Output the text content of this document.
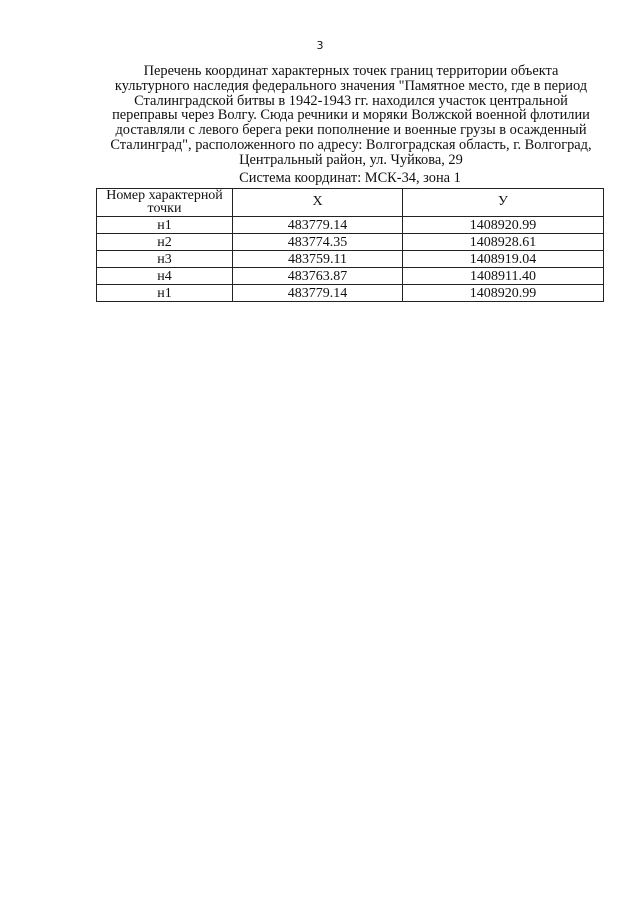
3
Перечень координат характерных точек границ территории объекта
культурного наследия федерального значения "Памятное место, где в период
Сталинградской битвы в 1942-1943 гг. находился участок центральной
переправы через Волгу. Сюда речники и моряки Волжской военной флотилии
доставляли с левого берега реки пополнение и военные грузы в осажденный
Сталинград", расположенного по адресу: Волгоградская область, г. Волгоград,
Центральный район, ул. Чуйкова, 29
Система координат: МСК-34, зона 1
Номер характерной точки	X	У
н1	483779.14	1408920.99
н2	483774.35	1408928.61
н3	483759.11	1408919.04
н4	483763.87	1408911.40
н1	483779.14	1408920.99
